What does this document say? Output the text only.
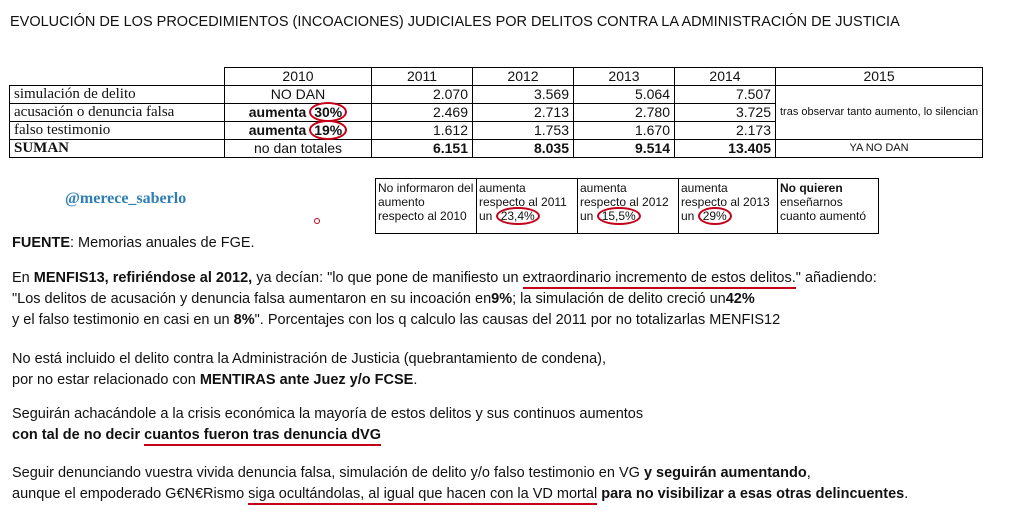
EVOLUCIÓN DE LOS PROCEDIMIENTOS (INCOACIONES) JUDICIALES POR DELITOS CONTRA LA ADMINISTRACIÓN DE JUSTICIA
	2010	2011	2012	2013	2014	2015
simulación de delito	NO DAN	2.070	3.569	5.064	7.507	tras observar tanto aumento, lo silencian
acusación o denuncia falsa	aumenta 30%	2.469	2.713	2.780	3.725	
falso testimonio	aumenta 19%	1.612	1.753	1.670	2.173	
SUMAN	no dan totales	6.151	8.035	9.514	13.405	YA NO DAN
No informaron del aumento respecto al 2010
aumenta respecto al 2011 un 23,4%
aumenta respecto al 2012 un 15,5%
aumenta respecto al 2013 un 29%
No quieren enseñarnos cuanto aumentó
@merece_saberlo
FUENTE: Memorias anuales de FGE.
En MENFIS13, refiriéndose al 2012, ya decían: "lo que pone de manifiesto un extraordinario incremento de estos delitos." añadiendo:
"Los delitos de acusación y denuncia falsa aumentaron en su incoación en9%; la simulación de delito creció un42%
y el falso testimonio en casi en un 8%". Porcentajes con los q calculo las causas del 2011 por no totalizarlas MENFIS12
No está incluido el delito contra la Administración de Justicia (quebrantamiento de condena),
por no estar relacionado con MENTIRAS ante Juez y/o FCSE.
Seguirán achacándole a la crisis económica la mayoría de estos delitos y sus continuos aumentos
con tal de no decir cuantos fueron tras denuncia dVG
Seguir denunciando vuestra vivida denuncia falsa, simulación de delito y/o falso testimonio en VG y seguirán aumentando,
aunque el empoderado G€N€Rismo siga ocultándolas, al igual que hacen con la VD mortal para no visibilizar a esas otras delincuentes.
